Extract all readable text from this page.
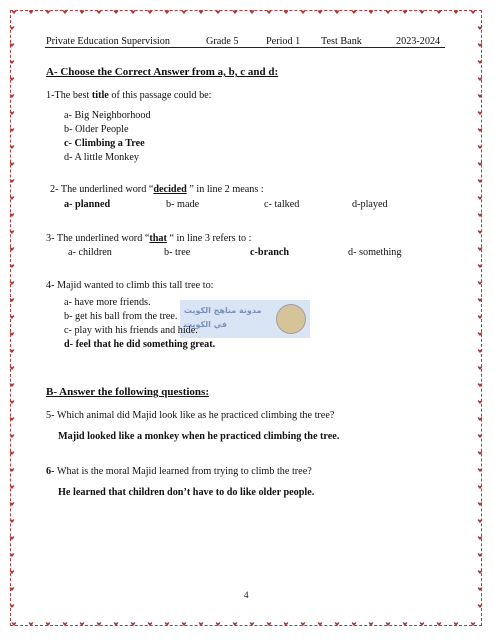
Private Education Supervision	Grade 5	Period 1 Test Bank	2023-2024
A- Choose the Correct Answer from a, b, c and d:
1-The best title of this passage could be:
a- Big Neighborhood
b- Older People
c- Climbing a Tree
d- A little Monkey
2- The underlined word “decided ” in line 2 means :
a- planned	b- made	c- talked	d-played
3- The underlined word “that “ in line 3 refers to :
a- children	b- tree	c-branch	d- something
مدونة مناهج الكويت
في الكويت
4- Majid wanted to climb this tall tree to:
a- have more friends.
b- get his ball from the tree.
c- play with his friends and hide.
d- feel that he did something great.
B- Answer the following questions:
5- Which animal did Majid look like as he practiced climbing the tree?
Majid looked like a monkey when he practiced climbing the tree.
6- What is the moral Majid learned from trying to climb the tree?
He learned that children don’t have to do like older people.
4
